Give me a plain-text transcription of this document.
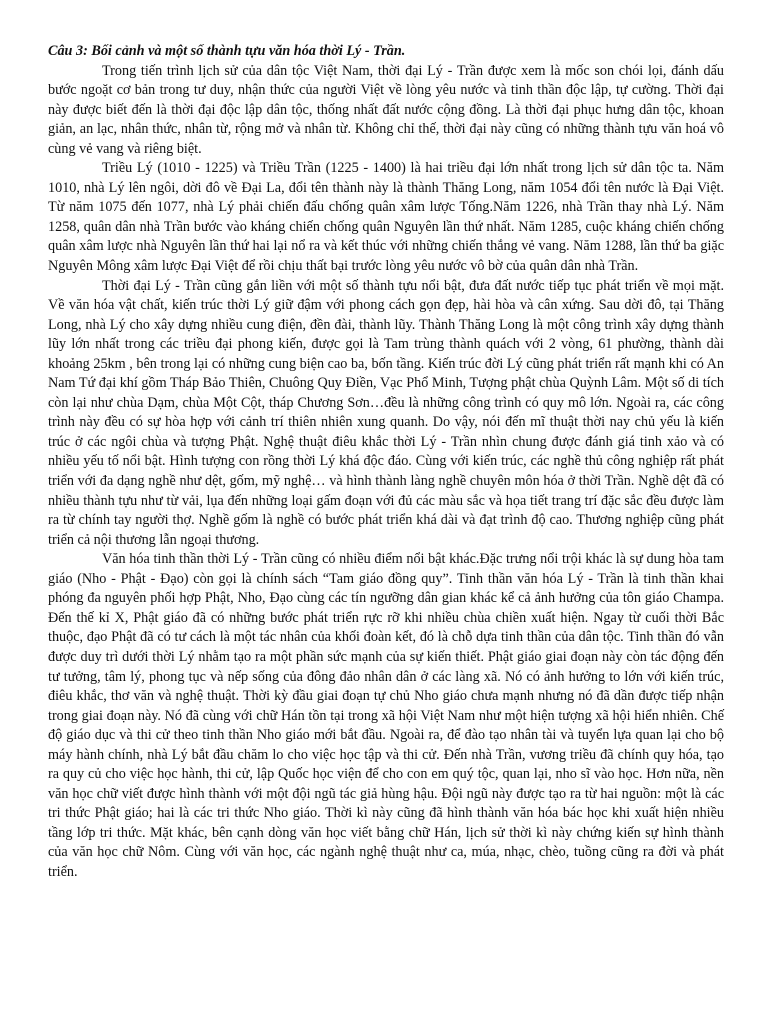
Câu 3: Bối cảnh và một số thành tựu văn hóa thời Lý - Trần.

Trong tiến trình lịch sử của dân tộc Việt Nam, thời đại Lý - Trần được xem là mốc son chói lọi, đánh dấu bước ngoặt cơ bản trong tư duy, nhận thức của người Việt về lòng yêu nước và tinh thần độc lập, tự cường. Thời đại này được biết đến là thời đại độc lập dân tộc, thống nhất đất nước cộng đồng. Là thời đại phục hưng dân tộc, khoan giản, an lạc, nhân thức, nhân từ, rộng mở và nhân từ. Không chỉ thế, thời đại này cũng có những thành tựu văn hoá vô cùng vẻ vang và riêng biệt.

Triều Lý (1010 - 1225) và Triều Trần (1225 - 1400) là hai triều đại lớn nhất trong lịch sử dân tộc ta. Năm 1010, nhà Lý lên ngôi, dời đô về Đại La, đổi tên thành này là thành Thăng Long, năm 1054 đổi tên nước là Đại Việt. Từ năm 1075 đến 1077, nhà Lý phải chiến đấu chống quân xâm lược Tống.Năm 1226, nhà Trần thay nhà Lý. Năm 1258, quân dân nhà Trần bước vào kháng chiến chống quân Nguyên lần thứ nhất. Năm 1285, cuộc kháng chiến chống quân xâm lược nhà Nguyên lần thứ hai lại nổ ra và kết thúc với những chiến thắng vẻ vang. Năm 1288, lần thứ ba giặc Nguyên Mông xâm lược Đại Việt để rồi chịu thất bại trước lòng yêu nước vô bờ của quân dân nhà Trần.

Thời đại Lý - Trần cũng gắn liền với một số thành tựu nổi bật, đưa đất nước tiếp tục phát triển về mọi mặt. Về văn hóa vật chất, kiến trúc thời Lý giữ đậm với phong cách gọn đẹp, hài hòa và cân xứng. Sau dời đô, tại Thăng Long, nhà Lý cho xây dựng nhiều cung điện, đền đài, thành lũy. Thành Thăng Long là một công trình xây dựng thành lũy lớn nhất trong các triều đại phong kiến, được gọi là Tam trùng thành quách với 2 vòng, 61 phường, thành dài khoảng 25km , bên trong lại có những cung biện cao ba, bốn tầng. Kiến trúc đời Lý cũng phát triển rất mạnh khi có An Nam Tứ đại khí gồm Tháp Bảo Thiên, Chuông Quy Điền, Vạc Phổ Minh, Tượng phật chùa Quỳnh Lâm. Một số di tích còn lại như chùa Dạm, chùa Một Cột, tháp Chương Sơn…đều là những công trình có quy mô lớn. Ngoài ra, các công trình này đều có sự hòa hợp với cảnh trí thiên nhiên xung quanh. Do vậy, nói đến mĩ thuật thời nay chủ yếu là kiến trúc ở các ngôi chùa và tượng Phật. Nghệ thuật điêu khắc thời Lý - Trần nhìn chung được đánh giá tinh xảo và có nhiều yếu tố nổi bật. Hình tượng con rồng thời Lý khá độc đáo. Cùng với kiến trúc, các nghề thủ công nghiệp rất phát triển với đa dạng nghề như dệt, gốm, mỹ nghệ… và hình thành làng nghề chuyên môn hóa ở thời Trần. Nghề dệt đã có nhiều thành tựu như từ vải, lụa đến những loại gấm đoạn với đủ các màu sắc và họa tiết trang trí đặc sắc đều được làm ra từ chính tay người thợ. Nghề gốm là nghề có bước phát triển khá dài và đạt trình độ cao. Thương nghiệp cũng phát triển cả nội thương lẫn ngoại thương.

Văn hóa tinh thần thời Lý - Trần cũng có nhiều điểm nổi bật khác.Đặc trưng nổi trội khác là sự dung hòa tam giáo (Nho - Phật - Đạo) còn gọi là chính sách “Tam giáo đồng quy”. Tinh thần văn hóa Lý - Trần là tinh thần khai phóng đa nguyên phối hợp Phật, Nho, Đạo cùng các tín ngưỡng dân gian khác kể cả ảnh hưởng của tôn giáo Champa. Đến thế kỉ X, Phật giáo đã có những bước phát triển rực rỡ khi nhiều chùa chiền xuất hiện. Ngay từ cuối thời Bắc thuộc, đạo Phật đã có tư cách là một tác nhân của khối đoàn kết, đó là chỗ dựa tinh thần của dân tộc. Tinh thần đó vẫn được duy trì dưới thời Lý nhằm tạo ra một phần sức mạnh của sự kiến thiết. Phật giáo giai đoạn này còn tác động đến tư tưởng, tâm lý, phong tục và nếp sống của đông đảo nhân dân ở các làng xã. Nó có ảnh hưởng to lớn với kiến trúc, điêu khắc, thơ văn và nghệ thuật. Thời kỳ đầu giai đoạn tự chủ Nho giáo chưa mạnh nhưng nó đã dần được tiếp nhận trong giai đoạn này. Nó đã cùng với chữ Hán tồn tại trong xã hội Việt Nam như một hiện tượng xã hội hiển nhiên. Chế độ giáo dục và thi cử theo tinh thần Nho giáo mới bắt đầu. Ngoài ra, để đào tạo nhân tài và tuyển lựa quan lại cho bộ máy hành chính, nhà Lý bắt đầu chăm lo cho việc học tập và thi cử. Đến nhà Trần, vương triều đã chính quy hóa, tạo ra quy củ cho việc học hành, thi cử, lập Quốc học viện để cho con em quý tộc, quan lại, nho sĩ vào học. Hơn nữa, nền văn học chữ viết được hình thành với một đội ngũ tác giả hùng hậu. Đội ngũ này được tạo ra từ hai nguồn: một là các tri thức Phật giáo; hai là các tri thức Nho giáo. Thời kì này cũng đã hình thành văn hóa bác học khi xuất hiện nhiều tầng lớp tri thức. Mặt khác, bên cạnh dòng văn học viết bằng chữ Hán, lịch sử thời kì này chứng kiến sự hình thành của văn học chữ Nôm. Cùng với văn học, các ngành nghệ thuật như ca, múa, nhạc, chèo, tuồng cũng ra đời và phát triển.
